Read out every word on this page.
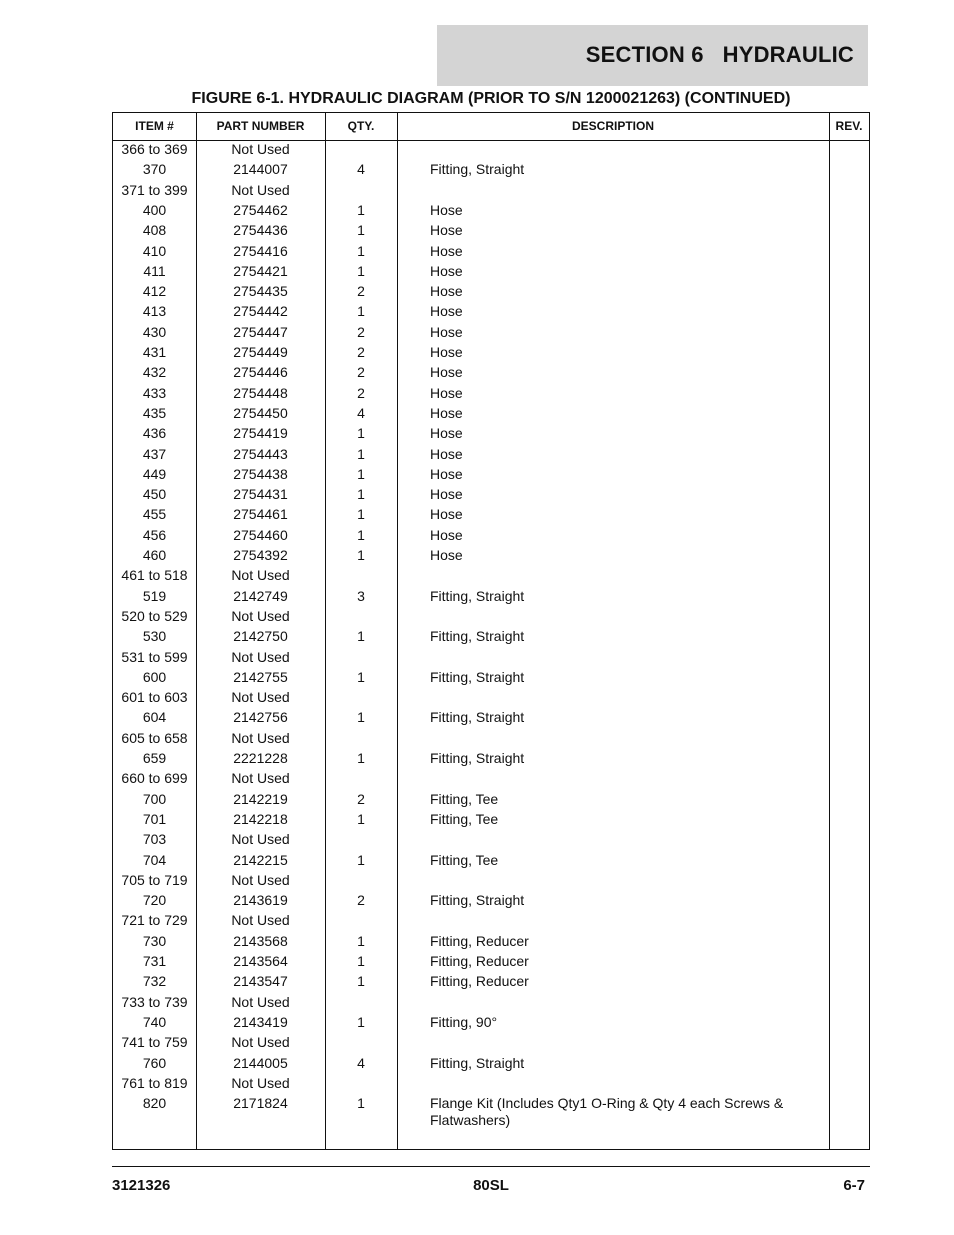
SECTION 6   HYDRAULIC
FIGURE 6-1. HYDRAULIC DIAGRAM (PRIOR TO S/N 1200021263) (CONTINUED)
ITEM #	PART NUMBER	QTY.	DESCRIPTION	REV.
366 to 369	Not Used
370	2144007	4	Fitting, Straight
371 to 399	Not Used
400	2754462	1	Hose
408	2754436	1	Hose
410	2754416	1	Hose
411	2754421	1	Hose
412	2754435	2	Hose
413	2754442	1	Hose
430	2754447	2	Hose
431	2754449	2	Hose
432	2754446	2	Hose
433	2754448	2	Hose
435	2754450	4	Hose
436	2754419	1	Hose
437	2754443	1	Hose
449	2754438	1	Hose
450	2754431	1	Hose
455	2754461	1	Hose
456	2754460	1	Hose
460	2754392	1	Hose
461 to 518	Not Used
519	2142749	3	Fitting, Straight
520 to 529	Not Used
530	2142750	1	Fitting, Straight
531 to 599	Not Used
600	2142755	1	Fitting, Straight
601 to 603	Not Used
604	2142756	1	Fitting, Straight
605 to 658	Not Used
659	2221228	1	Fitting, Straight
660 to 699	Not Used
700	2142219	2	Fitting, Tee
701	2142218	1	Fitting, Tee
703	Not Used
704	2142215	1	Fitting, Tee
705 to 719	Not Used
720	2143619	2	Fitting, Straight
721 to 729	Not Used
730	2143568	1	Fitting, Reducer
731	2143564	1	Fitting, Reducer
732	2143547	1	Fitting, Reducer
733 to 739	Not Used
740	2143419	1	Fitting, 90°
741 to 759	Not Used
760	2144005	4	Fitting, Straight
761 to 819	Not Used
820	2171824	1	Flange Kit (Includes Qty1 O-Ring & Qty 4 each Screws & Flatwashers)
3121326	80SL	6-7
